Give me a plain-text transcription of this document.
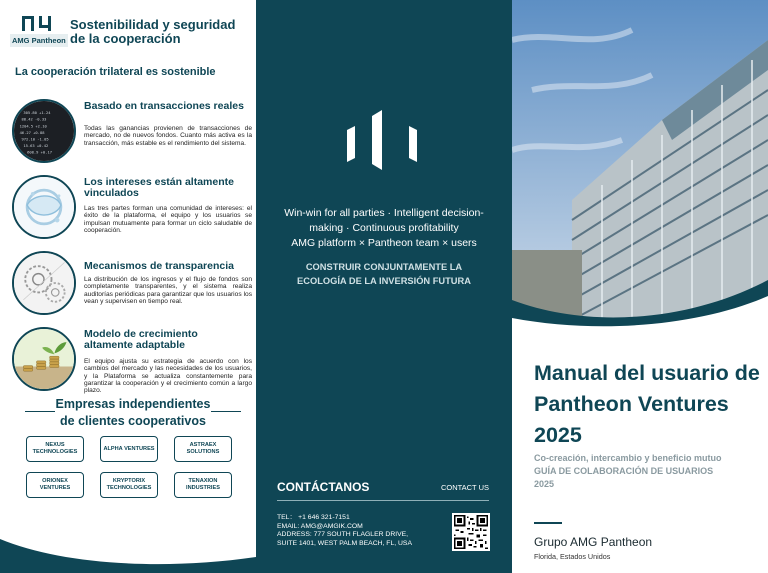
AMG Pantheon
Sostenibilidad y seguridad
de la cooperación
La cooperación trilateral es sostenible
305.80 +1.24
88.42 -0.33
1204.5 +2.10
46.27 +0.88
972.10 -1.05
15.63 +0.42
608.9 +0.17
Basado en transacciones reales

Todas las ganancias provienen de transacciones de mercado, no de nuevos fondos. Cuanto más activa es la transacción, más estable es el rendimiento del sistema.

Los intereses están altamente vinculados

Las tres partes forman una comunidad de intereses: el éxito de la plataforma, el equipo y los usuarios se impulsan mutuamente para formar un ciclo saludable de cooperación.

Mecanismos de transparencia

La distribución de los ingresos y el flujo de fondos son completamente transparentes, y el sistema realiza auditorías periódicas para garantizar que los usuarios los vean y supervisen en tiempo real.

Modelo de crecimiento
altamente adaptable

El equipo ajusta su estrategia de acuerdo con los cambios del mercado y las necesidades de los usuarios, y la Plataforma se actualiza constantemente para garantizar la cooperación y el crecimiento común a largo plazo.

Empresas independientes
de clientes cooperativos
NEXUS
TECHNOLOGIES
ALPHA VENTURES
ASTRAEX
SOLUTIONS
ORIONEX
VENTURES
KRYPTORIX
TECHNOLOGIES
TENAXION
INDUSTRIES
Win-win for all parties · Intelligent decision-
making · Continuous profitability
AMG platform × Pantheon team × users
CONSTRUIR CONJUNTAMENTE LA
ECOLOGÍA DE LA INVERSIÓN FUTURA
CONTÁCTANOS	CONTACT US
TEL： +1 646 321-7151
EMAIL: AMG@AMGIK.COM
ADDRESS: 777 SOUTH FLAGLER DRIVE,
SUITE 1401, WEST PALM BEACH, FL, USA
Manual del usuario de
Pantheon Ventures
2025
Co-creación, intercambio y beneficio mutuo
GUÍA DE COLABORACIÓN DE USUARIOS
2025
Grupo AMG Pantheon
Florida, Estados Unidos
